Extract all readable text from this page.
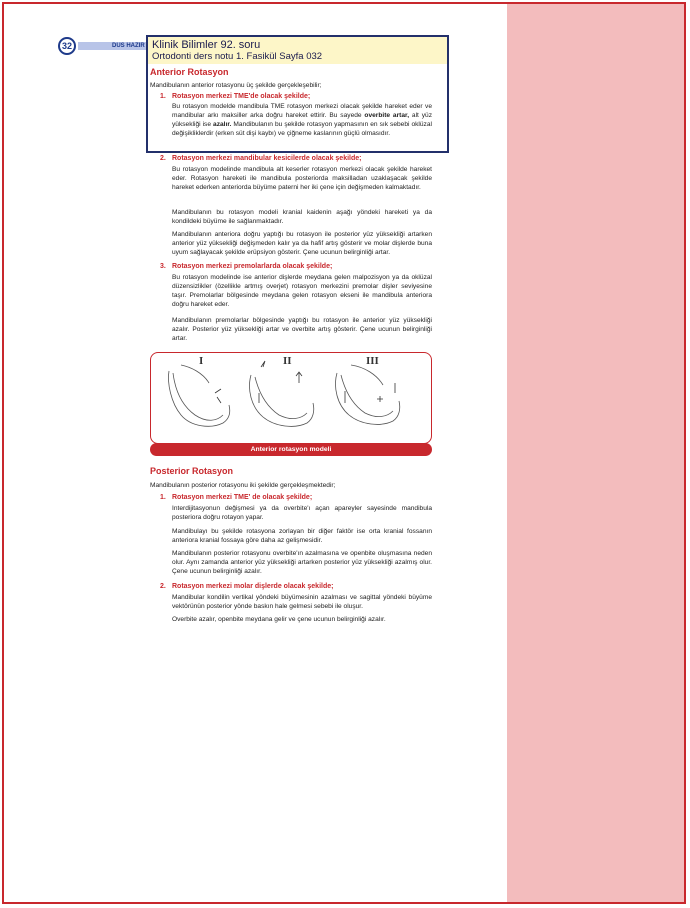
32	DUS HAZIR
Anterior Rotasyon
Mandibulanın anterior rotasyonu üç şekilde gerçekleşebilir;
1. Rotasyon merkezi TME'de olacak şekilde;
Bu rotasyon modelde mandibula TME rotasyon merkezi olacak şekilde hareket eder ve mandibular arkı maksiller arka doğru hareket ettirir. Bu sayede overbite artar, alt yüz yüksekliği ise azalır. Mandibulanın bu şekilde rotasyon yapmasının en sık sebebi oklüzal değişikliklerdir (erken süt dişi kaybı) ve çiğneme kaslarının güçlü olmasıdır.
2. Rotasyon merkezi mandibular kesicilerde olacak şekilde;
Bu rotasyon modelinde mandibula alt keserler rotasyon merkezi olacak şekilde hareket eder. Rotasyon hareketi ile mandibula posteriorda maksilladan uzaklaşacak şekilde hareket ederken anteriorda büyüme paterni her iki çene için değişmeden kalmaktadır.
Mandibulanın bu rotasyon modeli kranial kaidenin aşağı yöndeki hareketi ya da kondildeki büyüme ile sağlanmaktadır.
Mandibulanın anteriora doğru yaptığı bu rotasyon ile posterior yüz yüksekliği artarken anterior yüz yüksekliği değişmeden kalır ya da hafif artış gösterir ve molar dişlerde buna uyum sağlayacak şekilde erüpsiyon gösterir. Çene ucunun belirginliği artar.
3. Rotasyon merkezi premolarlarda olacak şekilde;
Bu rotasyon modelinde ise anterior dişlerde meydana gelen malpozisyon ya da oklüzal düzensizlikler (özellikle artmış overjet) rotasyon merkezini premolar dişler seviyesine taşır. Premolarlar bölgesinde meydana gelen rotasyon ekseni ile mandibula anteriora doğru hareket eder.
Mandibulanın premolarlar bölgesinde yaptığı bu rotasyon ile anterior yüz yüksekliği azalır. Posterior yüz yüksekliği artar ve overbite artış gösterir. Çene ucunun belirginliği artar.
I	II	III
Anterior rotasyon modeli
Posterior Rotasyon
Mandibulanın posterior rotasyonu iki şekilde gerçekleşmektedir;
1. Rotasyon merkezi TME' de olacak şekilde;
Interdijitasyonun değişmesi ya da overbite'ı açan apareyler sayesinde mandibula posteriora doğru rotayon yapar.
Mandibulayı bu şekilde rotasyona zorlayan bir diğer faktör ise orta kranial fossanın anteriora kranial fossaya göre daha az gelişmesidir.
Mandibulanın posterior rotasyonu overbite'ın azalmasına ve openbite oluşmasına neden olur. Aynı zamanda anterior yüz yüksekliği artarken posterior yüz yüksekliği azalmış olur. Çene ucunun belirginliği azalır.
2. Rotasyon merkezi molar dişlerde olacak şekilde;
Mandibular kondilin vertikal yöndeki büyümesinin azalması ve sagittal yöndeki büyüme vektörünün posterior yönde baskın hale gelmesi sebebi ile oluşur.
Overbite azalır, openbite meydana gelir ve çene ucunun belirginliği azalır.
Klinik Bilimler 92. soru
Ortodonti ders notu 1. Fasikül Sayfa 032
